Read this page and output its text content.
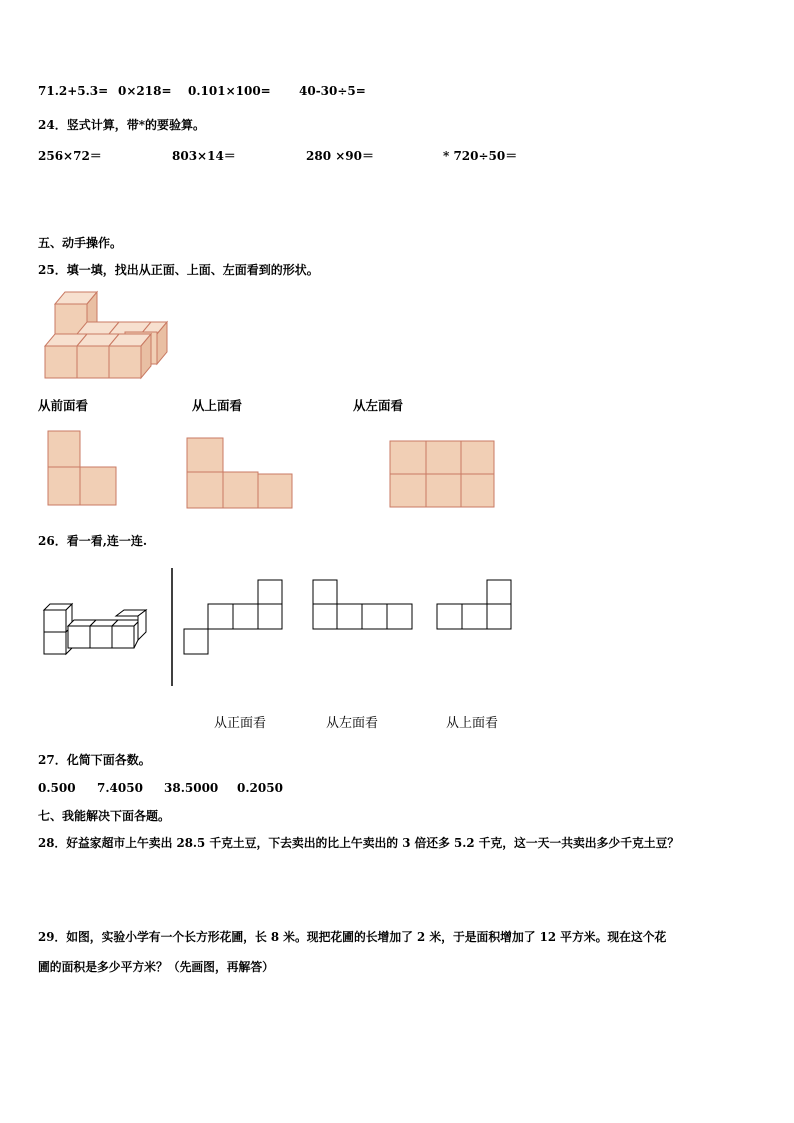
71.2+5.3= 0×218= 0.101×100= 40-30÷5=
24．竖式计算，带*的要验算。
256×72＝	803×14＝	280 ×90＝	* 720÷50＝
五、动手操作。
25．填一填，找出从正面、上面、左面看到的形状。
从前面看	从上面看	从左面看
26．看一看,连一连.
从正面看	从左面看	从上面看
27．化简下面各数。
0.500 7.4050 38.5000 0.2050
七、我能解决下面各题。
28．好益家超市上午卖出 28.5 千克土豆，下去卖出的比上午卖出的 3 倍还多 5.2 千克，这一天一共卖出多少千克土豆？
29．如图，实验小学有一个长方形花圃，长 8 米。现把花圃的长增加了 2 米，于是面积增加了 12 平方米。现在这个花
圃的面积是多少平方米？（先画图，再解答）
